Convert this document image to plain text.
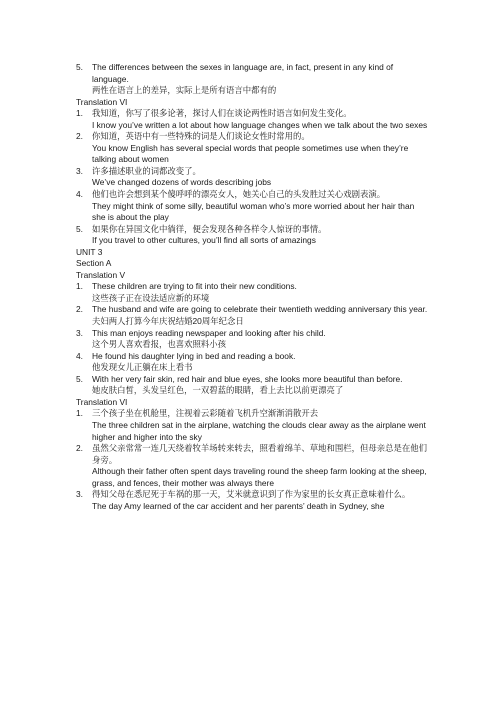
5. The differences between the sexes in language are, in fact, present in any kind of language.
两性在语言上的差异，实际上是所有语言中都有的
Translation VI
1. 我知道，你写了很多论著，探讨人们在谈论两性时语言如何发生变化。
I know you’ve written a lot about how language changes when we talk about the two sexes
2. 你知道，英语中有一些特殊的词是人们谈论女性时常用的。
You know English has several special words that people sometimes use when they’re talking about women
3. 许多描述职业的词都改变了。
We’ve changed dozens of words describing jobs
4. 他们也许会想到某个傻呼呼的漂亮女人，她关心自己的头发胜过关心戏剧表演。
They might think of some silly, beautiful woman who’s more worried about her hair than she is about the play
5. 如果你在异国文化中徜徉，便会发现各种各样令人惊讶的事情。
If you travel to other cultures, you’ll find all sorts of amazings
UNIT 3
Section A
Translation V
1. These children are trying to fit into their new conditions.
这些孩子正在设法适应新的环境
2. The husband and wife are going to celebrate their twentieth wedding anniversary this year.
夫妇两人打算今年庆祝结婚20周年纪念日
3. This man enjoys reading newspaper and looking after his child.
这个男人喜欢看报，也喜欢照料小孩
4. He found his daughter lying in bed and reading a book.
他发现女儿正躺在床上看书
5. With her very fair skin, red hair and blue eyes, she looks more beautiful than before.
她皮肤白皙，头发呈红色，一双碧蓝的眼睛，看上去比以前更漂亮了
Translation VI
1. 三个孩子坐在机舱里，注视着云彩随着飞机升空渐渐消散开去
The three children sat in the airplane, watching the clouds clear away as the airplane went higher and higher into the sky
2. 虽然父亲常常一连几天绕着牧羊场转来转去，照看着绵羊、草地和围栏，但母亲总是在他们身旁。
Although their father often spent days traveling round the sheep farm looking at the sheep, grass, and fences, their mother was always there
3. 得知父母在悉尼死于车祸的那一天，艾米就意识到了作为家里的长女真正意味着什么。
The day Amy learned of the car accident and her parents’ death in Sydney, she
